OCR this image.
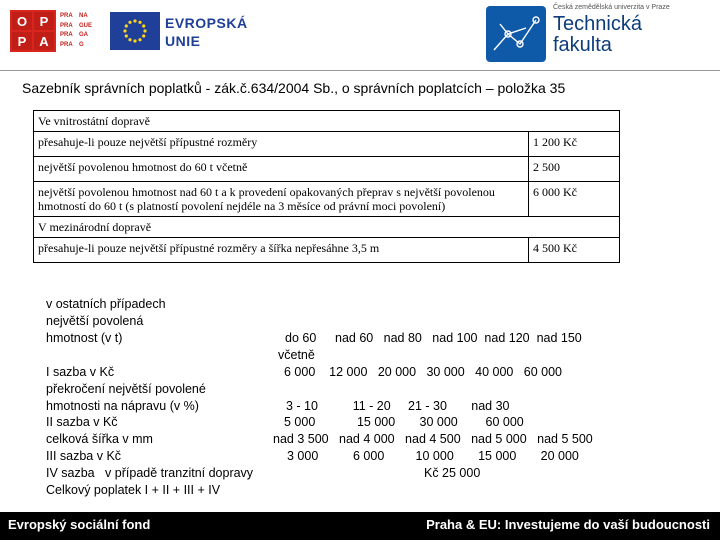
O P
P A
PRA	NA
PRA	GUE
PRA	GA
PRA	G
EVROPSKÁ
UNIE
Česká zemědělská univerzita v Praze
Technická
fakulta
Sazebník správních poplatků - zák.č.634/2004 Sb., o správních poplatcích – položka 35
Ve vnitrostátní dopravě	
přesahuje-li pouze největší přípustné rozměry	1 200 Kč
největší povolenou hmotnost do 60 t včetně	2 500
největší povolenou hmotnost nad 60 t a k provedení opakovaných přeprav s největší povolenou hmotností do 60 t (s platností povolení nejdéle na 3 měsíce od právní moci povolení)	6 000 Kč
V mezinárodní dopravě	
přesahuje-li pouze největší přípustné rozměry a šířka nepřesáhne 3,5 m	4 500 Kč
v ostatních případech
největší povolená
hmotnost (v t)	do 60 nad 60   nad 80   nad 100  nad 120  nad 150
včetně
I sazba v Kč	6 000    12 000   20 000   30 000   40 000   60 000
překročení největší povolené
hmotnosti na nápravu (v %)	3 - 10          11 - 20     21 - 30       nad 30
II sazba v Kč	5 000            15 000       30 000        60 000
celková šířka v mm	nad 3 500   nad 4 000   nad 4 500   nad 5 000   nad 5 500
III sazba v Kč	3 000          6 000         10 000       15 000       20 000
IV sazba   v případě tranzitní dopravy	Kč 25 000
Celkový poplatek I + II + III + IV
Evropský sociální fond	Praha & EU: Investujeme do vaší budoucnosti
